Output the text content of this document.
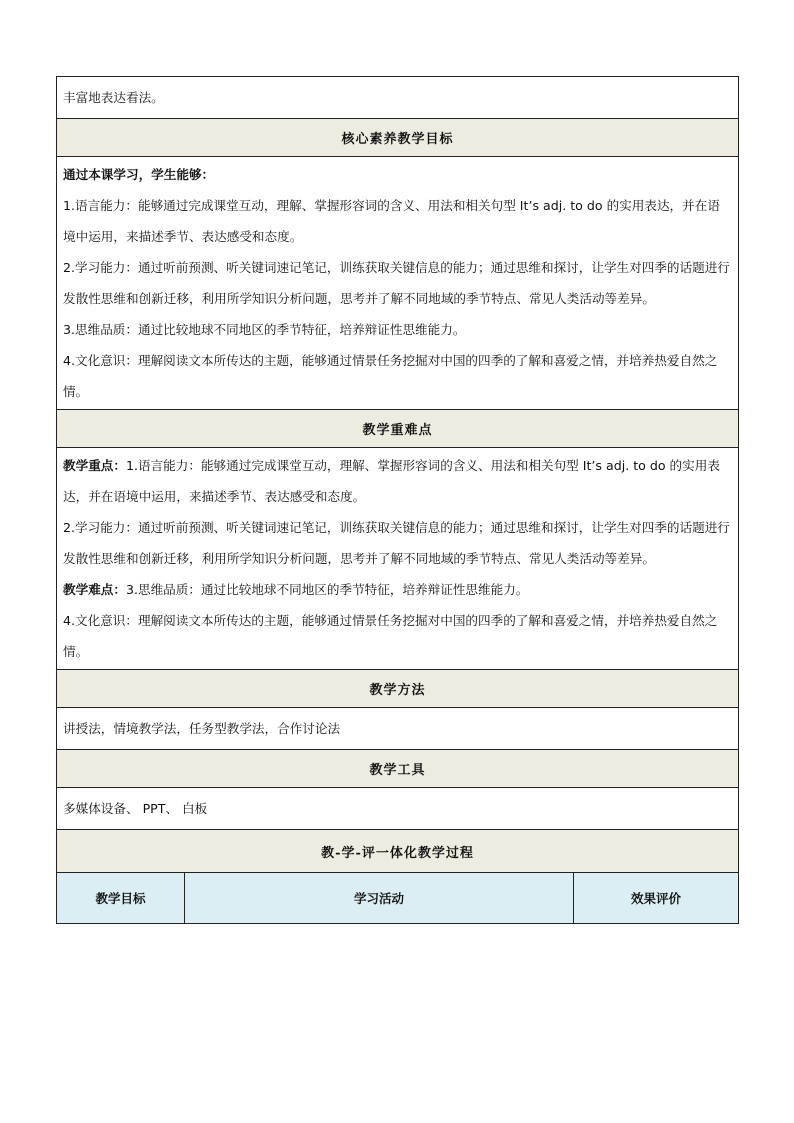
丰富地表达看法。

核心素养教学目标

通过本课学习，学生能够：

1.语言能力：能够通过完成课堂互动，理解、掌握形容词的含义、用法和相关句型 It’s adj. to do 的实用表达，并在语境中运用，来描述季节、表达感受和态度。

2.学习能力：通过听前预测、听关键词速记笔记，训练获取关键信息的能力；通过思维和探讨，让学生对四季的话题进行发散性思维和创新迁移，利用所学知识分析问题，思考并了解不同地域的季节特点、常见人类活动等差异。

3.思维品质：通过比较地球不同地区的季节特征，培养辩证性思维能力。

4.文化意识：理解阅读文本所传达的主题，能够通过情景任务挖掘对中国的四季的了解和喜爱之情，并培养热爱自然之情。

教学重难点

教学重点：1.语言能力：能够通过完成课堂互动，理解、掌握形容词的含义、用法和相关句型 It’s adj. to do 的实用表达，并在语境中运用，来描述季节、表达感受和态度。

2.学习能力：通过听前预测、听关键词速记笔记，训练获取关键信息的能力；通过思维和探讨，让学生对四季的话题进行发散性思维和创新迁移，利用所学知识分析问题，思考并了解不同地域的季节特点、常见人类活动等差异。

教学难点：3.思维品质：通过比较地球不同地区的季节特征，培养辩证性思维能力。

4.文化意识：理解阅读文本所传达的主题，能够通过情景任务挖掘对中国的四季的了解和喜爱之情，并培养热爱自然之情。

教学方法
讲授法，情境教学法，任务型教学法，合作讨论法
教学工具
多媒体设备、 PPT、 白板
教-学-评一体化教学过程
教学目标	学习活动	效果评价
